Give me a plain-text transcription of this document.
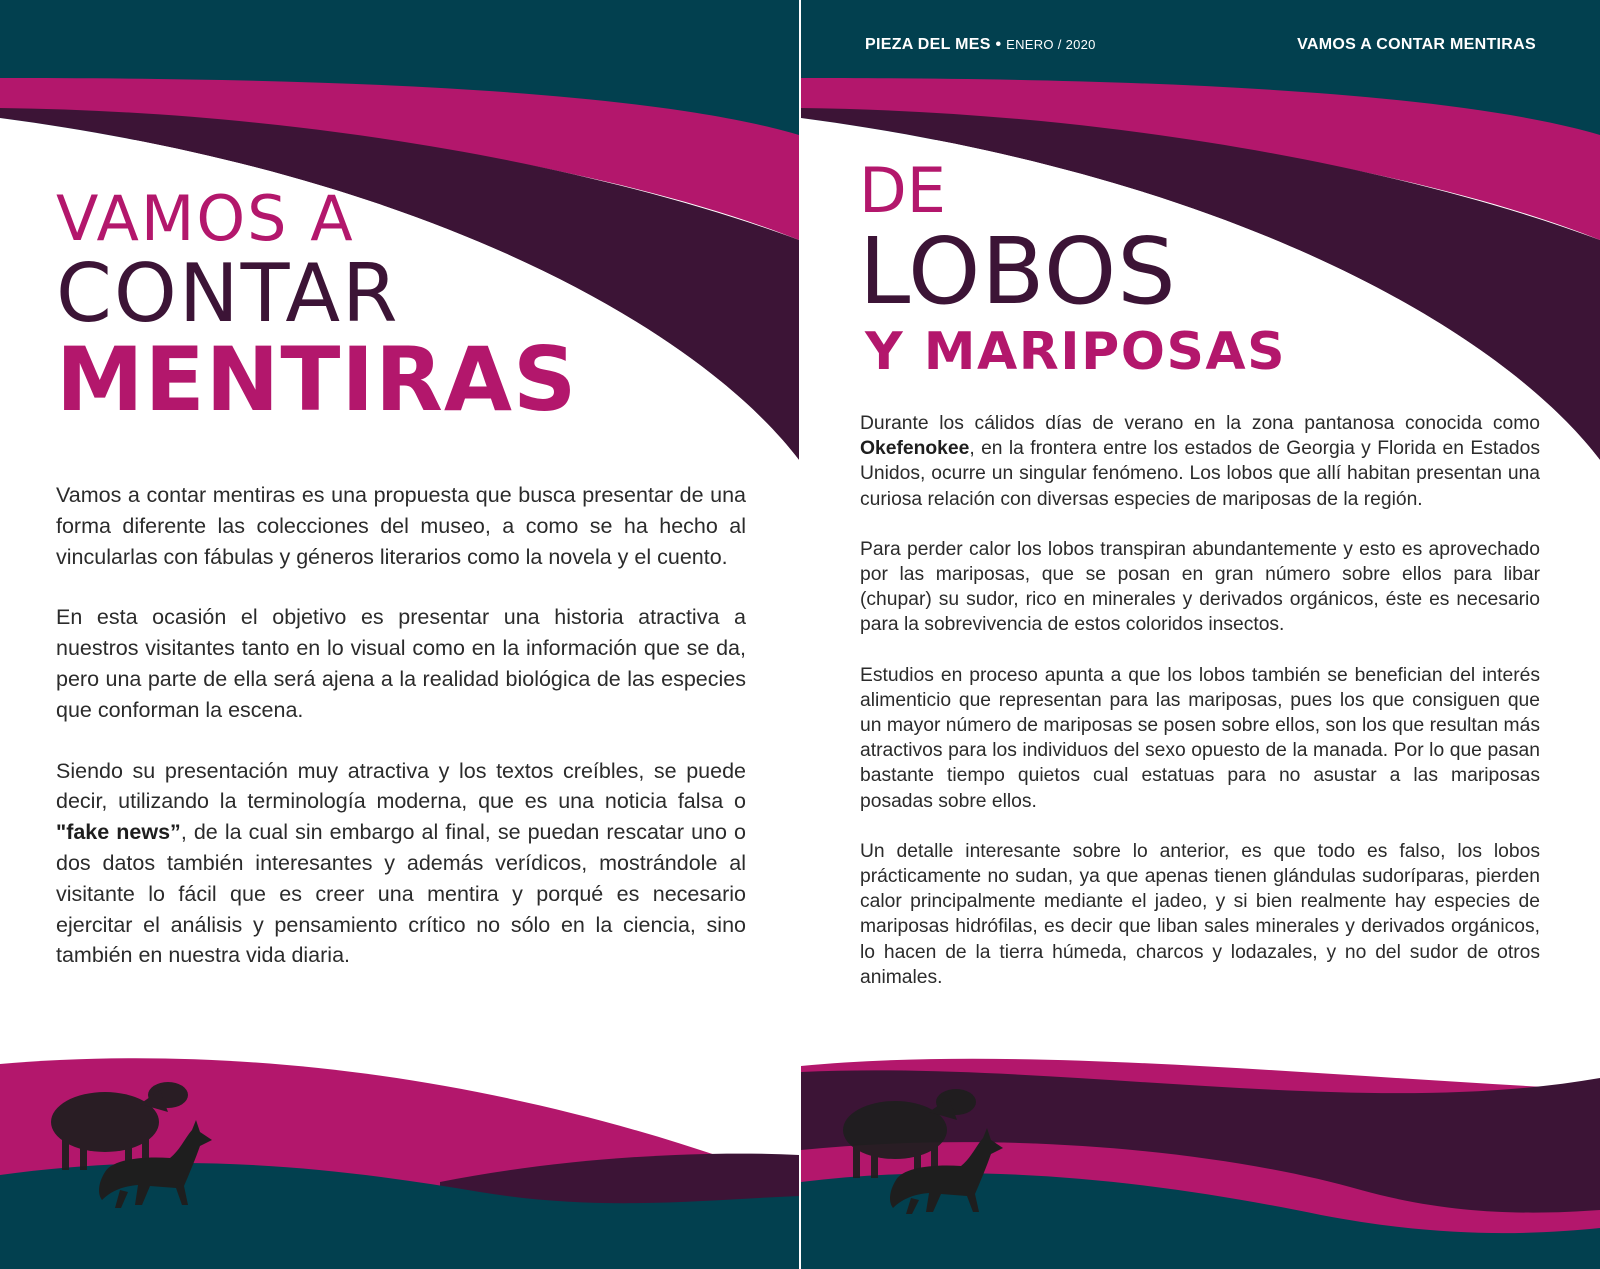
VAMOS A
CONTAR
MENTIRAS

Vamos a contar mentiras es una propuesta que busca presentar de una forma diferente las colecciones del museo, a como se ha hecho al vincularlas con fábulas y géneros literarios como la novela y el cuento.

En esta ocasión el objetivo es presentar una historia atractiva a nuestros visitantes tanto en lo visual como en la información que se da, pero una parte de ella será ajena a la realidad biológica de las especies que conforman la escena.

Siendo su presentación muy atractiva y los textos creíbles, se puede decir, utilizando la terminología moderna, que es una noticia falsa o "fake news”, de la cual sin embargo al final, se puedan rescatar uno o dos datos también interesantes y además verídicos, mostrándole al visitante lo fácil que es creer una mentira y porqué es necesario ejercitar el análisis y pensamiento crítico no sólo en la ciencia, sino también en nuestra vida diaria.

PIEZA DEL MES • ENERO / 2020	VAMOS A CONTAR MENTIRAS
DE
LOBOS
Y MARIPOSAS

Durante los cálidos días de verano en la zona pantanosa conocida como Okefenokee, en la frontera entre los estados de Georgia y Florida en Estados Unidos, ocurre un singular fenómeno. Los lobos que allí habitan presentan una curiosa relación con diversas especies de mariposas de la región.

Para perder calor los lobos transpiran abundantemente y esto es aprovechado por las mariposas, que se posan en gran número sobre ellos para libar (chupar) su sudor, rico en minerales y derivados orgánicos, éste es necesario para la sobrevivencia de estos coloridos insectos.

Estudios en proceso apunta a que los lobos también se benefician del interés alimenticio que representan para las mariposas, pues los que consiguen que un mayor número de mariposas se posen sobre ellos, son los que resultan más atractivos para los individuos del sexo opuesto de la manada. Por lo que pasan bastante tiempo quietos cual estatuas para no asustar a las mariposas posadas sobre ellos.

Un detalle interesante sobre lo anterior, es que todo es falso, los lobos prácticamente no sudan, ya que apenas tienen glándulas sudoríparas, pierden calor principalmente mediante el jadeo, y si bien realmente hay especies de mariposas hidrófilas, es decir que liban sales minerales y derivados orgánicos, lo hacen de la tierra húmeda, charcos y lodazales, y no del sudor de otros animales.
